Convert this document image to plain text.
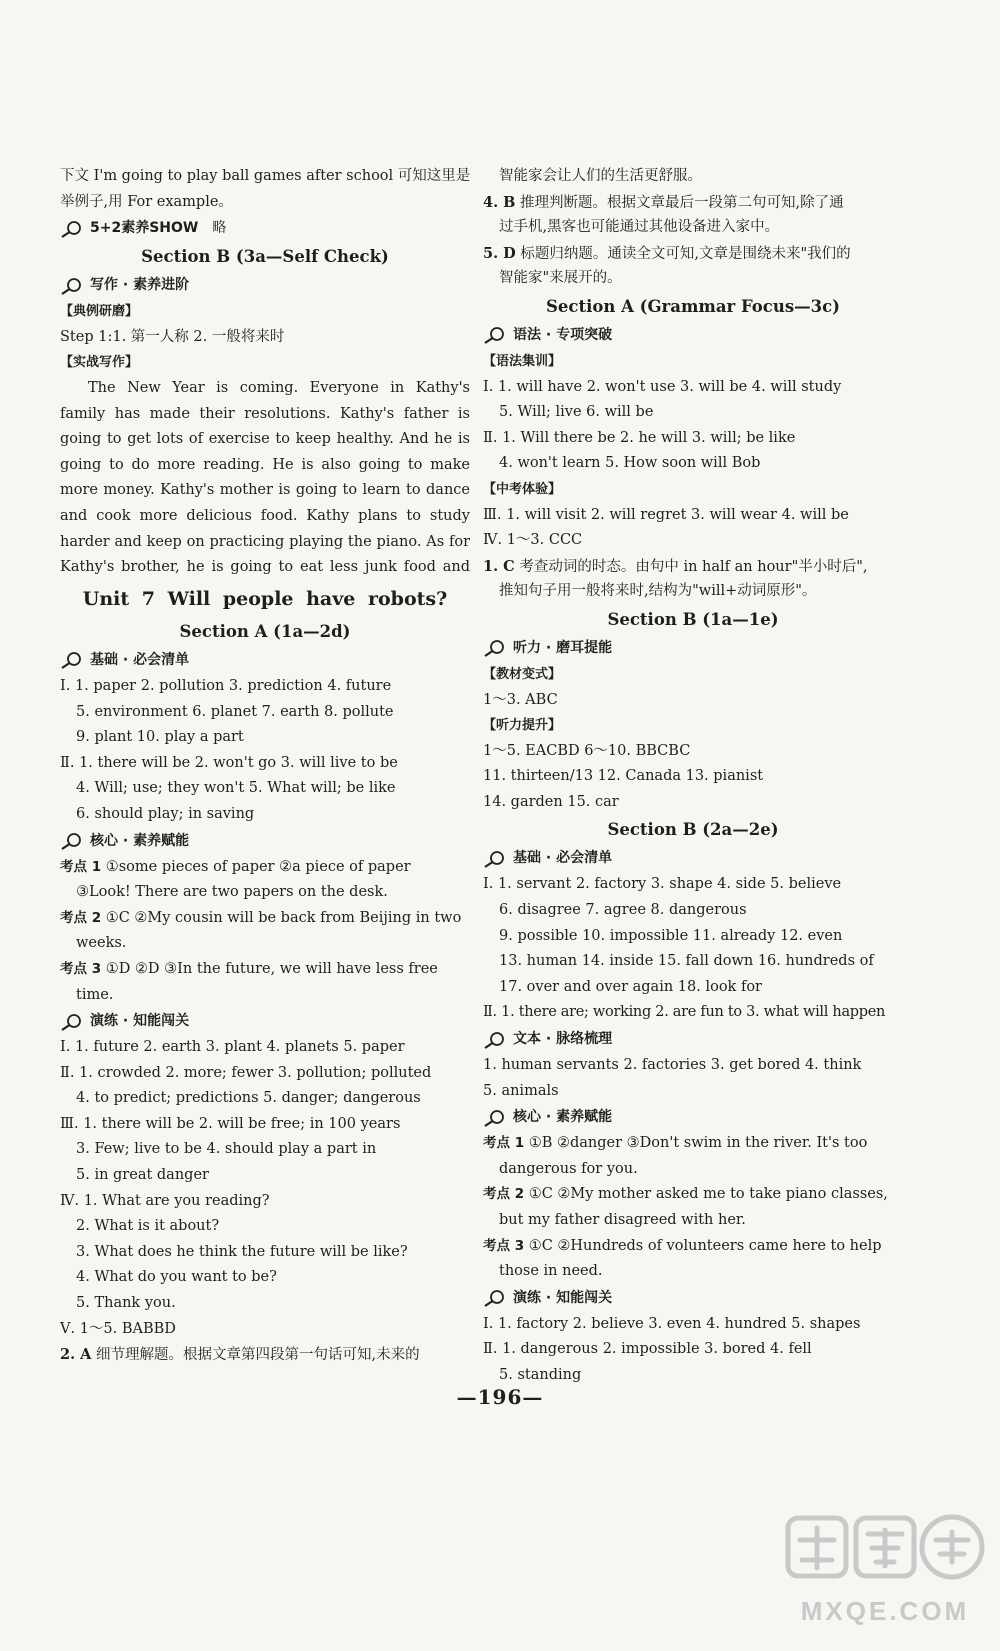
下文 I'm going to play ball games after school 可知这里是
举例子,用 For example。
5+2素养SHOW 略
Section B (3a—Self Check)
写作 · 素养进阶
【典例研磨】
Step 1:1. 第一人称 2. 一般将来时
【实战写作】
The New Year is coming. Everyone in Kathy's family has made their resolutions. Kathy's father is going to get lots of exercise to keep healthy. And he is going to do more reading. He is also going to make more money. Kathy's mother is going to learn to dance and cook more delicious food. Kathy plans to study harder and keep on practicing playing the piano. As for Kathy's brother, he is going to eat less junk food and
Unit 7 Will people have robots?
Section A (1a—2d)
基础 · 必会清单
Ⅰ. 1. paper 2. pollution 3. prediction 4. future
5. environment 6. planet 7. earth 8. pollute
9. plant 10. play a part
Ⅱ. 1. there will be 2. won't go 3. will live to be
4. Will; use; they won't 5. What will; be like
6. should play; in saving
核心 · 素养赋能
考点 1 ①some pieces of paper ②a piece of paper
③Look! There are two papers on the desk.
考点 2 ①C ②My cousin will be back from Beijing in two
weeks.
考点 3 ①D ②D ③In the future, we will have less free
time.
演练 · 知能闯关
Ⅰ. 1. future 2. earth 3. plant 4. planets 5. paper
Ⅱ. 1. crowded 2. more; fewer 3. pollution; polluted
4. to predict; predictions 5. danger; dangerous
Ⅲ. 1. there will be 2. will be free; in 100 years
3. Few; live to be 4. should play a part in
5. in great danger
Ⅳ. 1. What are you reading?
2. What is it about?
3. What does he think the future will be like?
4. What do you want to be?
5. Thank you.
Ⅴ. 1～5. BABBD
2. A 细节理解题。根据文章第四段第一句话可知,未来的
智能家会让人们的生活更舒服。
4. B 推理判断题。根据文章最后一段第二句可知,除了通
过手机,黑客也可能通过其他设备进入家中。
5. D 标题归纳题。通读全文可知,文章是围绕未来"我们的
智能家"来展开的。
Section A (Grammar Focus—3c)
语法 · 专项突破
【语法集训】
Ⅰ. 1. will have 2. won't use 3. will be 4. will study
5. Will; live 6. will be
Ⅱ. 1. Will there be 2. he will 3. will; be like
4. won't learn 5. How soon will Bob
【中考体验】
Ⅲ. 1. will visit 2. will regret 3. will wear 4. will be
Ⅳ. 1～3. CCC
1. C 考查动词的时态。由句中 in half an hour"半小时后",
推知句子用一般将来时,结构为"will+动词原形"。
Section B (1a—1e)
听力 · 磨耳提能
【教材变式】
1～3. ABC
【听力提升】
1～5. EACBD 6～10. BBCBC
11. thirteen/13 12. Canada 13. pianist
14. garden 15. car
Section B (2a—2e)
基础 · 必会清单
Ⅰ. 1. servant 2. factory 3. shape 4. side 5. believe
6. disagree 7. agree 8. dangerous
9. possible 10. impossible 11. already 12. even
13. human 14. inside 15. fall down 16. hundreds of
17. over and over again 18. look for
Ⅱ. 1. there are; working 2. are fun to 3. what will happen
文本 · 脉络梳理
1. human servants 2. factories 3. get bored 4. think
5. animals
核心 · 素养赋能
考点 1 ①B ②danger ③Don't swim in the river. It's too
dangerous for you.
考点 2 ①C ②My mother asked me to take piano classes,
but my father disagreed with her.
考点 3 ①C ②Hundreds of volunteers came here to help
those in need.
演练 · 知能闯关
Ⅰ. 1. factory 2. believe 3. even 4. hundred 5. shapes
Ⅱ. 1. dangerous 2. impossible 3. bored 4. fell
5. standing
—196—
MXQE.COM
